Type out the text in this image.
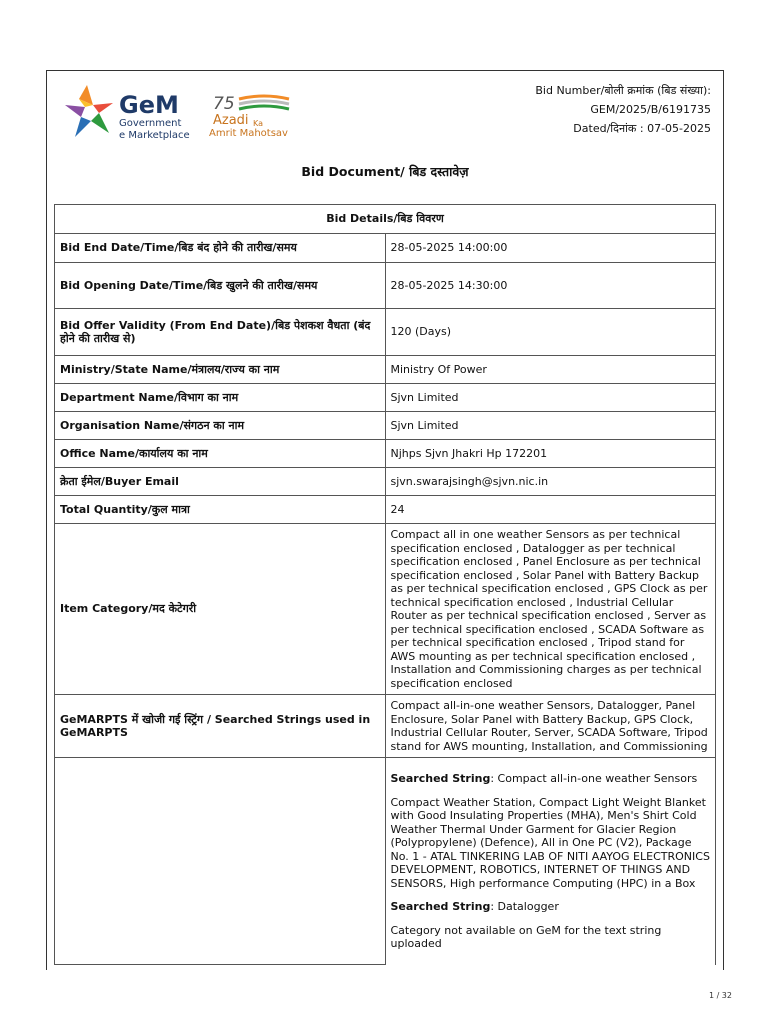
GeM
Government
e Marketplace
75
Azadi Ka
Amrit Mahotsav
Bid Number/बोली क्रमांक (बिड संख्या):
GEM/2025/B/6191735
Dated/दिनांक : 07-05-2025
Bid Document/ बिड दस्तावेज़
Bid Details/बिड विवरण	
Bid End Date/Time/बिड बंद होने की तारीख/समय	28-05-2025 14:00:00
Bid Opening Date/Time/बिड खुलने की तारीख/समय	28-05-2025 14:30:00
Bid Offer Validity (From End Date)/बिड पेशकश वैधता (बंद होने की तारीख से)	120 (Days)
Ministry/State Name/मंत्रालय/राज्य का नाम	Ministry Of Power
Department Name/विभाग का नाम	Sjvn Limited
Organisation Name/संगठन का नाम	Sjvn Limited
Office Name/कार्यालय का नाम	Njhps Sjvn Jhakri Hp 172201
क्रेता ईमेल/Buyer Email	sjvn.swarajsingh@sjvn.nic.in
Total Quantity/कुल मात्रा	24
Item Category/मद केटेगरी	Compact all in one weather Sensors as per technical specification enclosed , Datalogger as per technical specification enclosed , Panel Enclosure as per technical specification enclosed , Solar Panel with Battery Backup as per technical specification enclosed , GPS Clock as per technical specification enclosed , Industrial Cellular Router as per technical specification enclosed , Server as per technical specification enclosed , SCADA Software as per technical specification enclosed , Tripod stand for AWS mounting as per technical specification enclosed , Installation and Commissioning charges as per technical specification enclosed
GeMARPTS में खोजी गई स्ट्रिंग / Searched Strings used in GeMARPTS	Compact all-in-one weather Sensors, Datalogger, Panel Enclosure, Solar Panel with Battery Backup, GPS Clock, Industrial Cellular Router, Server, SCADA Software, Tripod stand for AWS mounting, Installation, and Commissioning

	Searched String: Compact all-in-one weather Sensors
Compact Weather Station, Compact Light Weight Blanket with Good Insulating Properties (MHA), Men's Shirt Cold Weather Thermal Under Garment for Glacier Region (Polypropylene) (Defence), All in One PC (V2), Package No. 1 - ATAL TINKERING LAB OF NITI AAYOG ELECTRONICS DEVELOPMENT, ROBOTICS, INTERNET OF THINGS AND SENSORS, High performance Computing (HPC) in a Box
Searched String: Datalogger
Category not available on GeM for the text string uploaded
1 / 32
